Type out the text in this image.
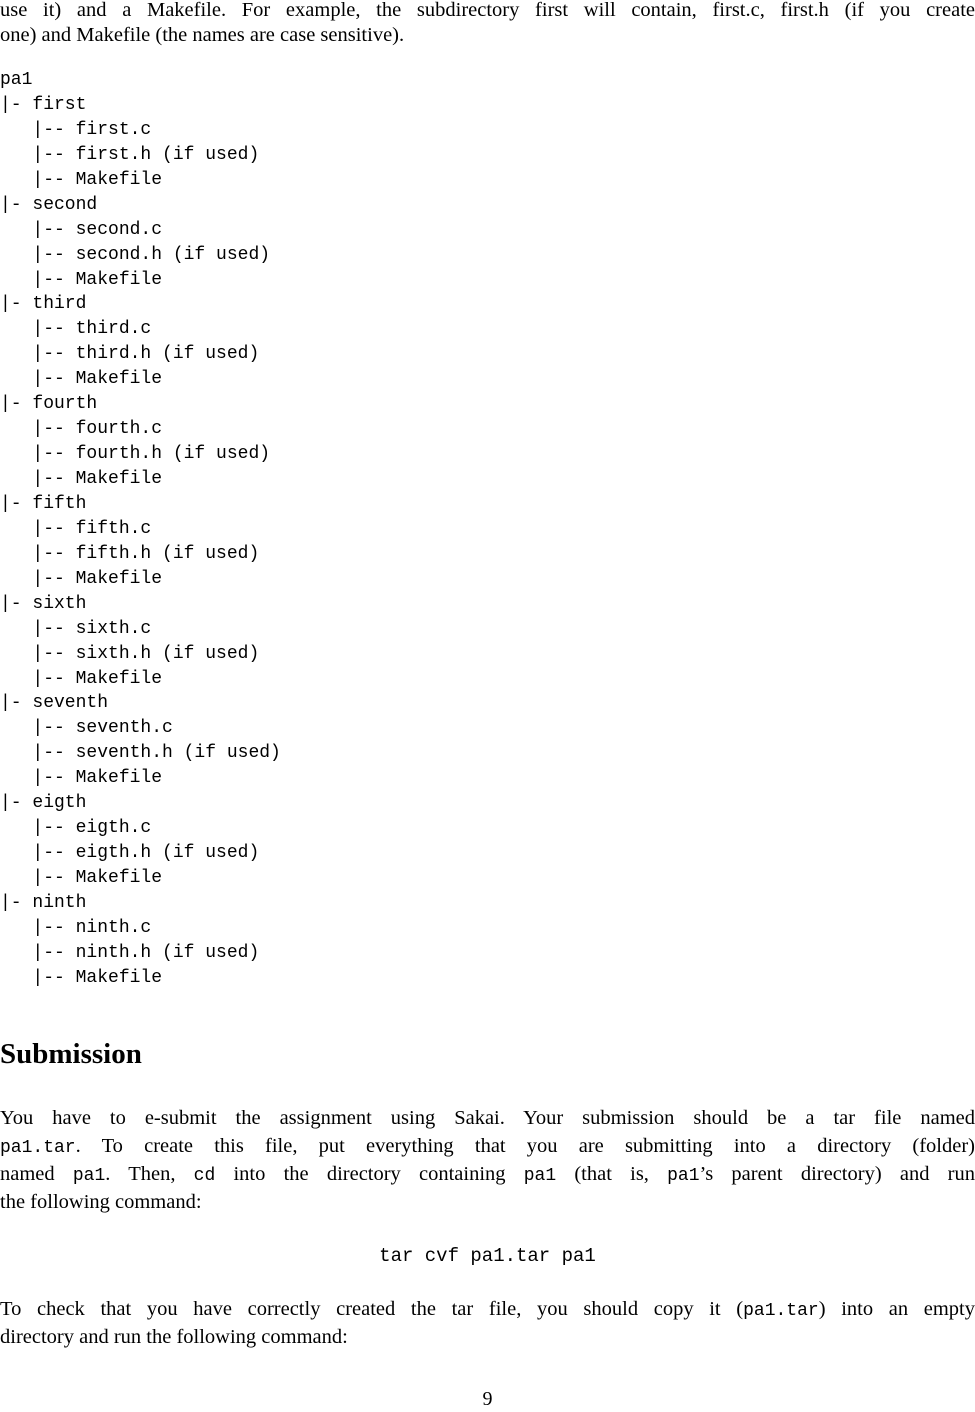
use it) and a Makefile. For example, the subdirectory first will contain, first.c, first.h (if you create
one) and Makefile (the names are case sensitive).
pa1
|- first
|-- first.c
|-- first.h (if used)
|-- Makefile
|- second
|-- second.c
|-- second.h (if used)
|-- Makefile
|- third
|-- third.c
|-- third.h (if used)
|-- Makefile
|- fourth
|-- fourth.c
|-- fourth.h (if used)
|-- Makefile
|- fifth
|-- fifth.c
|-- fifth.h (if used)
|-- Makefile
|- sixth
|-- sixth.c
|-- sixth.h (if used)
|-- Makefile
|- seventh
|-- seventh.c
|-- seventh.h (if used)
|-- Makefile
|- eigth
|-- eigth.c
|-- eigth.h (if used)
|-- Makefile
|- ninth
|-- ninth.c
|-- ninth.h (if used)
|-- Makefile
Submission
You have to e-submit the assignment using Sakai. Your submission should be a tar file named
pa1.tar. To create this file, put everything that you are submitting into a directory (folder)
named pa1. Then, cd into the directory containing pa1 (that is, pa1’s parent directory) and run
the following command:
tar cvf pa1.tar pa1
To check that you have correctly created the tar file, you should copy it (pa1.tar) into an empty
directory and run the following command:
9
